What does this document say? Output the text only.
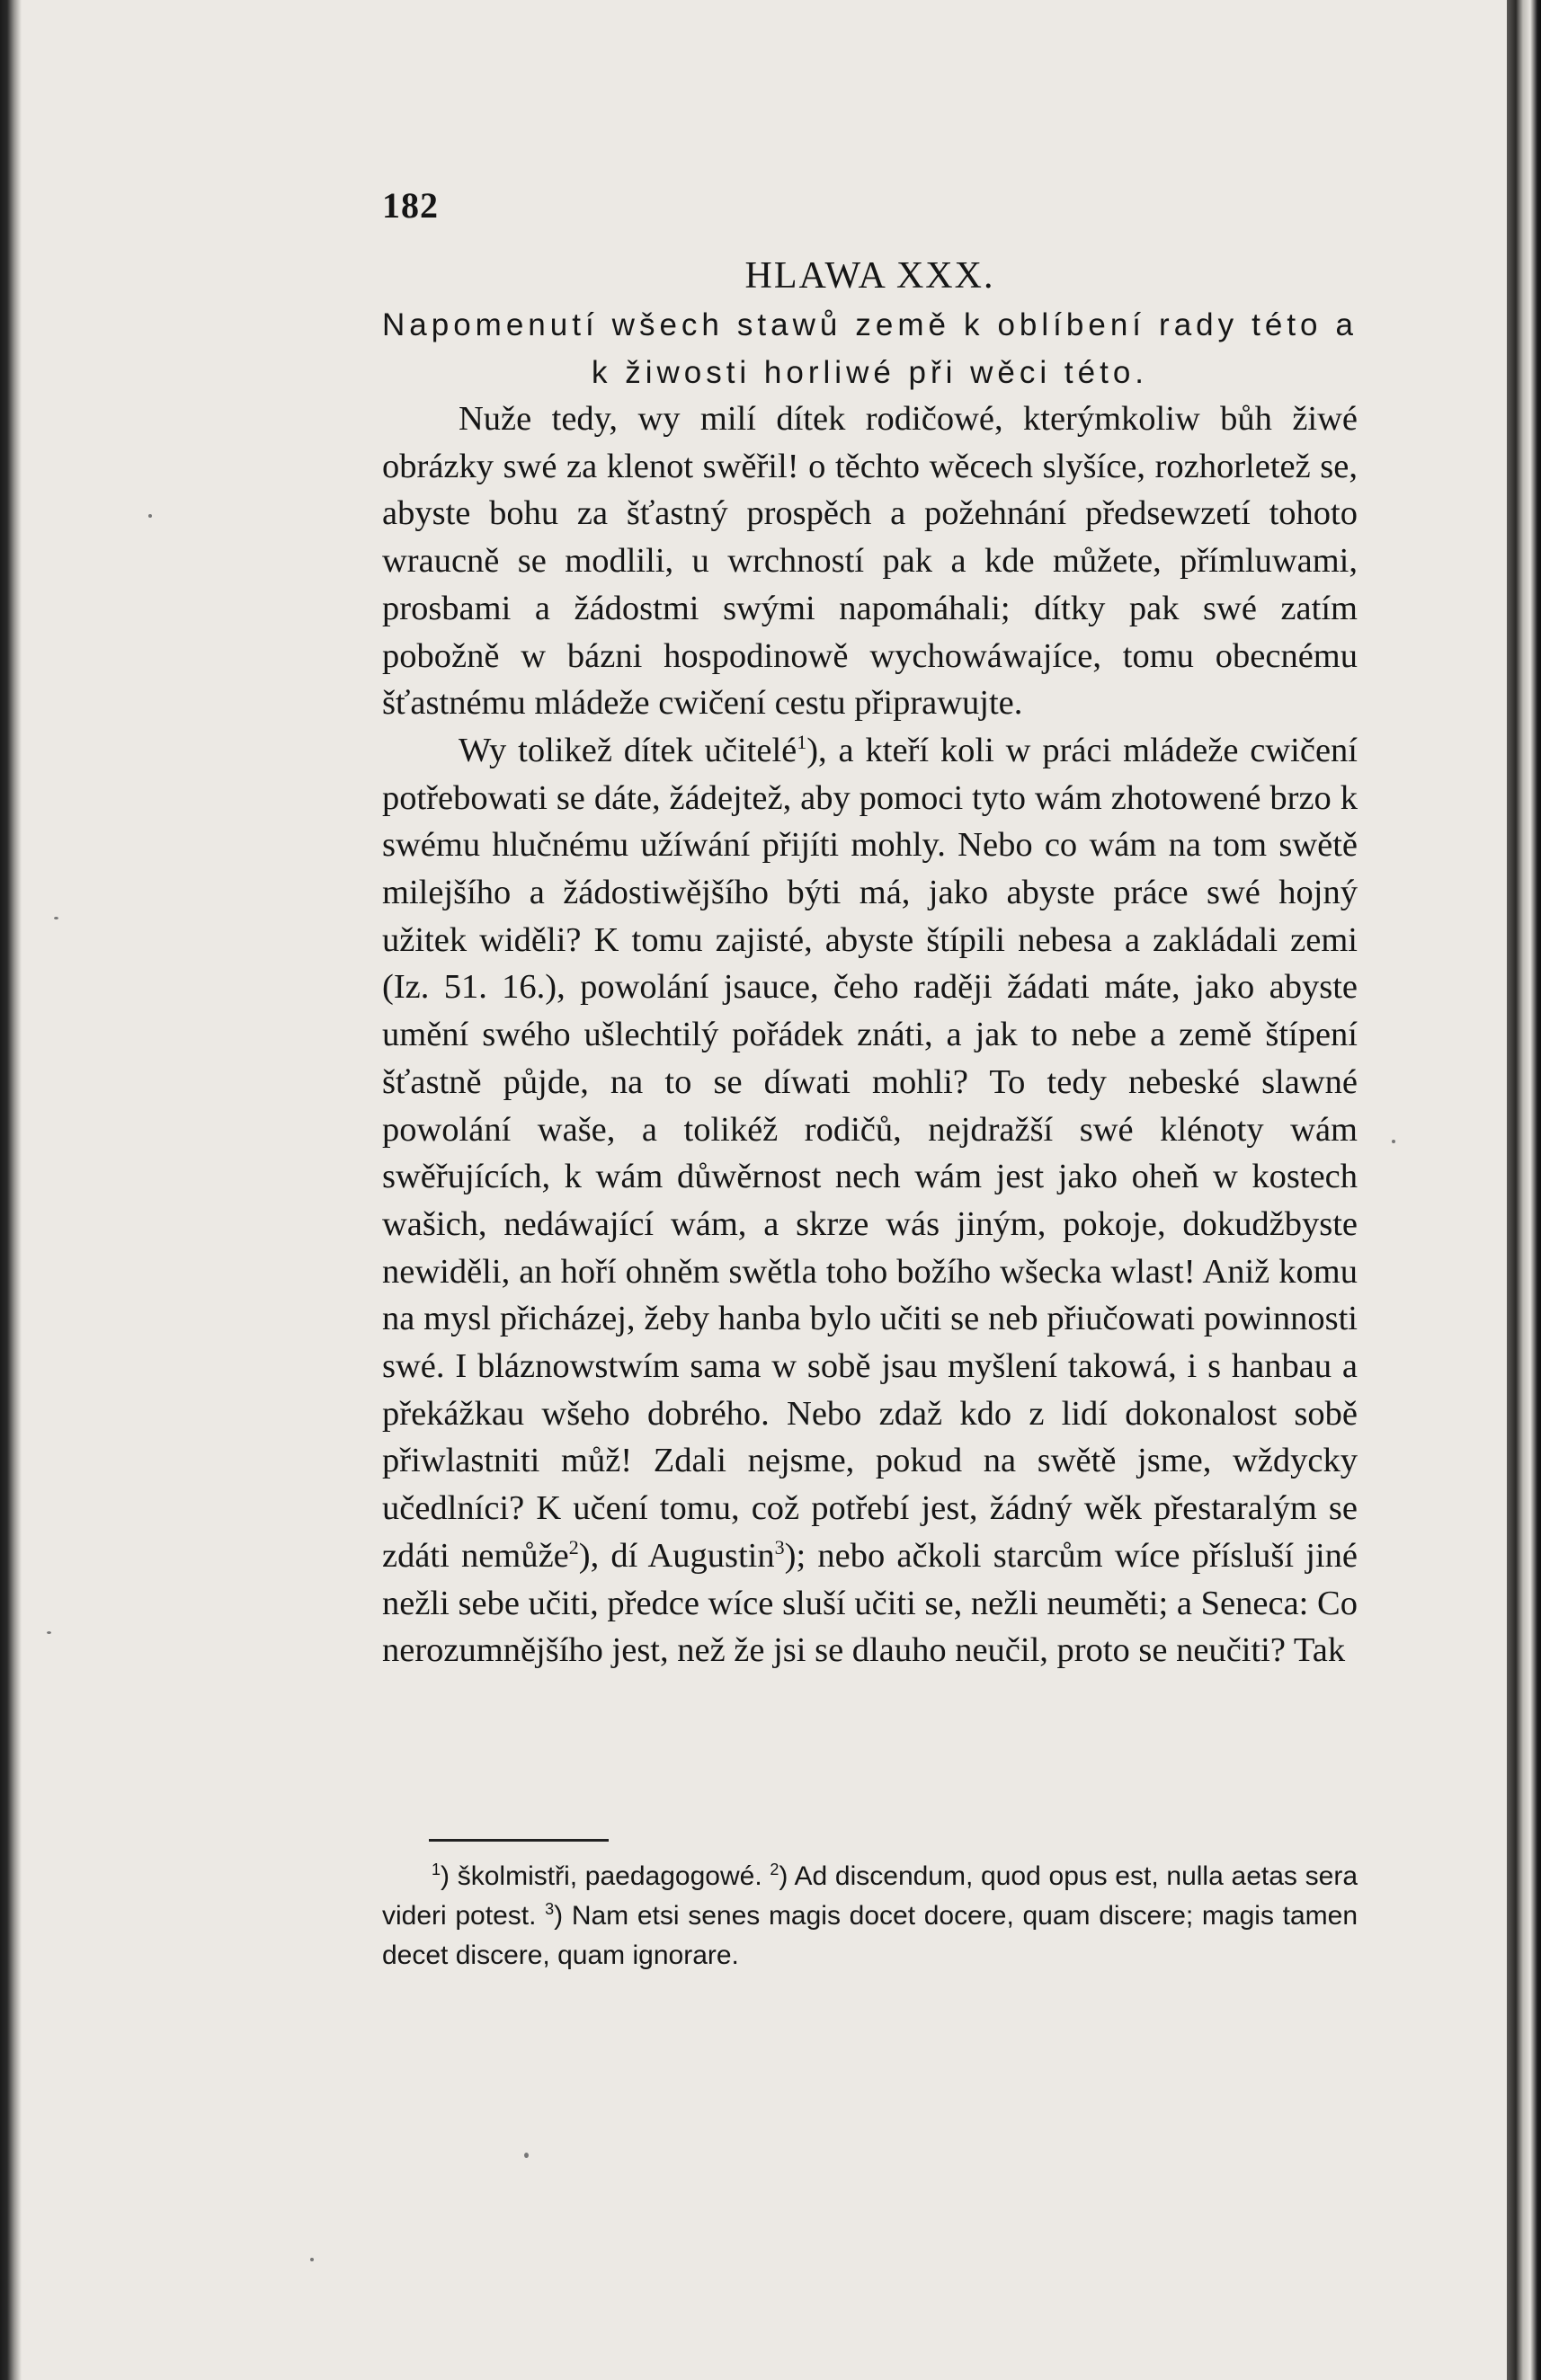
182
HLAWA XXX.
Napomenutí wšech stawů země k oblíbení rady této a k žiwosti horliwé při wěci této.

Nuže tedy, wy milí dítek rodičowé, kterýmkoliw bůh žiwé obrázky swé za klenot swěřil! o těchto wěcech slyšíce, rozhorletež se, abyste bohu za šťastný prospěch a požehnání předsewzetí tohoto wraucně se modlili, u wrchností pak a kde můžete, přímluwami, prosbami a žádostmi swými napomáhali; dítky pak swé zatím pobožně w bázni hospodinowě wychowáwajíce, tomu obecnému šťastnému mládeže cwičení cestu připrawujte.

Wy tolikež dítek učitelé$^1$), a kteří koli w práci mládeže cwičení potřebowati se dáte, žádejtež, aby pomoci tyto wám zhotowené brzo k swému hlučnému užíwání přijíti mohly. Nebo co wám na tom swětě milejšího a žádostiwějšího býti má, jako abyste práce swé hojný užitek widěli? K tomu zajisté, abyste štípili nebesa a zakládali zemi (Iz. 51. 16.), powolání jsauce, čeho raději žádati máte, jako abyste umění swého ušlechtilý pořádek znáti, a jak to nebe a země štípení šťastně půjde, na to se díwati mohli? To tedy nebeské slawné powolání waše, a tolikéž rodičů, nejdražší swé klénoty wám swěřujících, k wám důwěrnost nech wám jest jako oheň w kostech wašich, nedáwající wám, a skrze wás jiným, pokoje, dokudžbyste newiděli, an hoří ohněm swětla toho božího wšecka wlast! Aniž komu na mysl přicházej, žeby hanba bylo učiti se neb přiučowati powinnosti swé. I bláznowstwím sama w sobě jsau myšlení takowá, i s hanbau a překážkau wšeho dobrého. Nebo zdaž kdo z lidí dokonalost sobě přiwlastniti můž! Zdali nejsme, pokud na swětě jsme, wždycky učedlníci? K učení tomu, což potřebí jest, žádný wěk přestaralým se zdáti nemůže$^2$), dí Augustin$^3$); nebo ačkoli starcům wíce přísluší jiné nežli sebe učiti, předce wíce sluší učiti se, nežli neuměti; a Seneca: Co nerozumnějšího jest, než že jsi se dlauho neučil, proto se neučiti? Tak

$^1$) školmistři, paedagogowé. $^2$) Ad discendum, quod opus est, nulla aetas sera videri potest. $^3$) Nam etsi senes magis docet docere, quam discere; magis tamen decet discere, quam ignorare.
